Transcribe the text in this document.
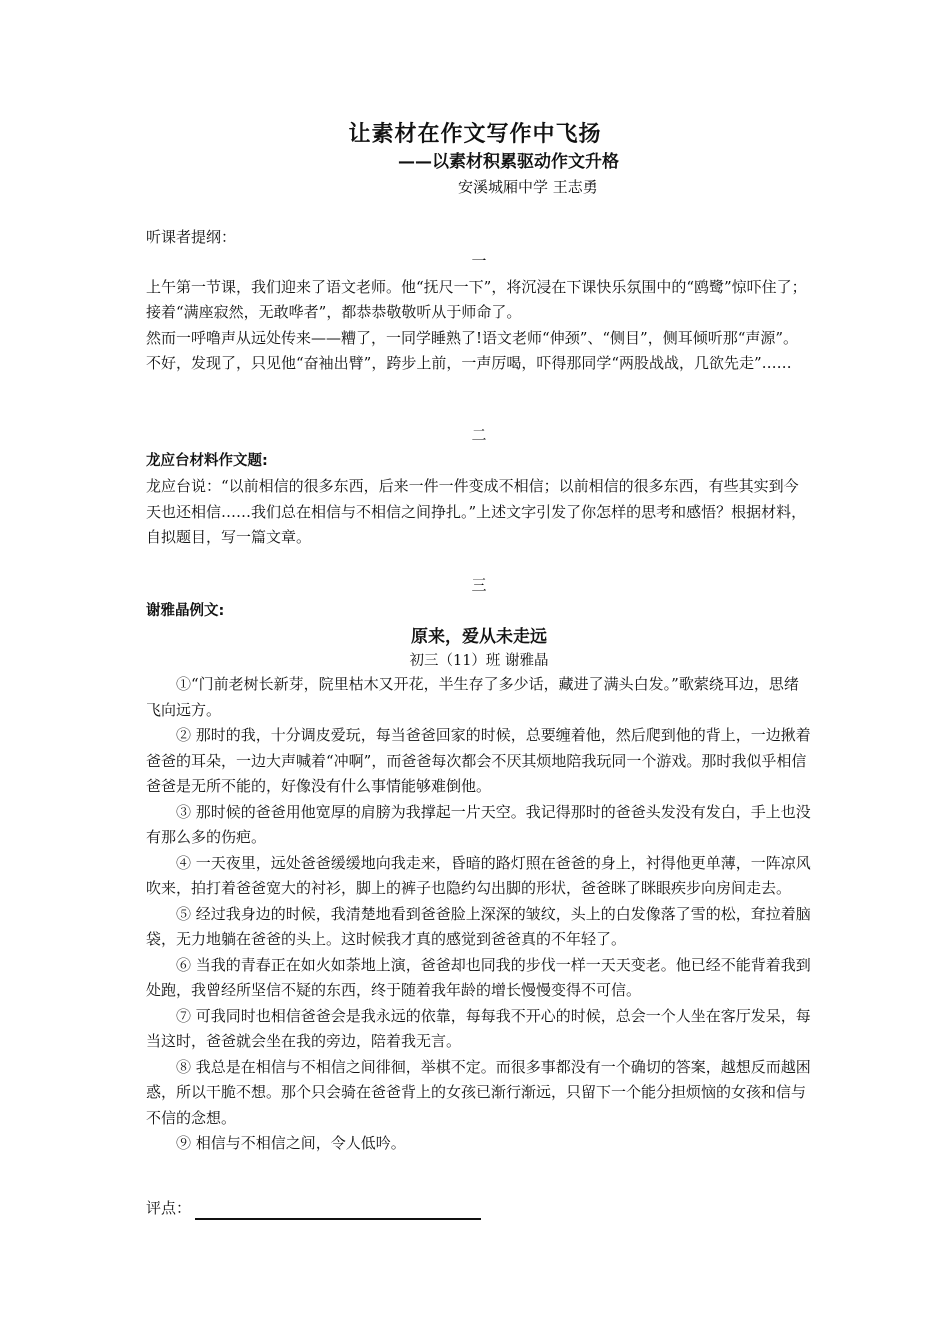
让素材在作文写作中飞扬
——以素材积累驱动作文升格
安溪城厢中学 王志勇

听课者提纲：

一

上午第一节课，我们迎来了语文老师。他“抚尺一下”，将沉浸在下课快乐氛围中的“鸥鹭”惊吓住了；接着“满座寂然，无敢哗者”，都恭恭敬敬听从于师命了。

然而一呼噜声从远处传来——糟了，一同学睡熟了!语文老师“伸颈”、“侧目”，侧耳倾听那“声源”。不好，发现了，只见他“奋袖出臂”，跨步上前，一声厉喝，吓得那同学“两股战战，几欲先走”……

二

龙应台材料作文题:

龙应台说：“以前相信的很多东西，后来一件一件变成不相信；以前相信的很多东西，有些其实到今天也还相信……我们总在相信与不相信之间挣扎。”上述文字引发了你怎样的思考和感悟？根据材料，自拟题目，写一篇文章。

三

谢雅晶例文:

原来，爱从未走远

初三（11）班 谢雅晶

①“门前老树长新芽，院里枯木又开花，半生存了多少话，藏进了满头白发。”歌萦绕耳边，思绪飞向远方。

② 那时的我，十分调皮爱玩，每当爸爸回家的时候，总要缠着他，然后爬到他的背上，一边揪着爸爸的耳朵，一边大声喊着“冲啊”，而爸爸每次都会不厌其烦地陪我玩同一个游戏。那时我似乎相信爸爸是无所不能的，好像没有什么事情能够难倒他。

③ 那时候的爸爸用他宽厚的肩膀为我撑起一片天空。我记得那时的爸爸头发没有发白，手上也没有那么多的伤疤。

④ 一天夜里，远处爸爸缓缓地向我走来，昏暗的路灯照在爸爸的身上，衬得他更单薄，一阵凉风吹来，拍打着爸爸宽大的衬衫，脚上的裤子也隐约勾出脚的形状，爸爸眯了眯眼疾步向房间走去。

⑤ 经过我身边的时候，我清楚地看到爸爸脸上深深的皱纹，头上的白发像落了雪的松，耷拉着脑袋，无力地躺在爸爸的头上。这时候我才真的感觉到爸爸真的不年轻了。

⑥ 当我的青春正在如火如荼地上演，爸爸却也同我的步伐一样一天天变老。他已经不能背着我到处跑，我曾经所坚信不疑的东西，终于随着我年龄的增长慢慢变得不可信。

⑦ 可我同时也相信爸爸会是我永远的依靠，每每我不开心的时候，总会一个人坐在客厅发呆，每当这时，爸爸就会坐在我的旁边，陪着我无言。

⑧ 我总是在相信与不相信之间徘徊，举棋不定。而很多事都没有一个确切的答案，越想反而越困惑，所以干脆不想。那个只会骑在爸爸背上的女孩已渐行渐远，只留下一个能分担烦恼的女孩和信与不信的念想。

⑨ 相信与不相信之间，令人低吟。

评点：
